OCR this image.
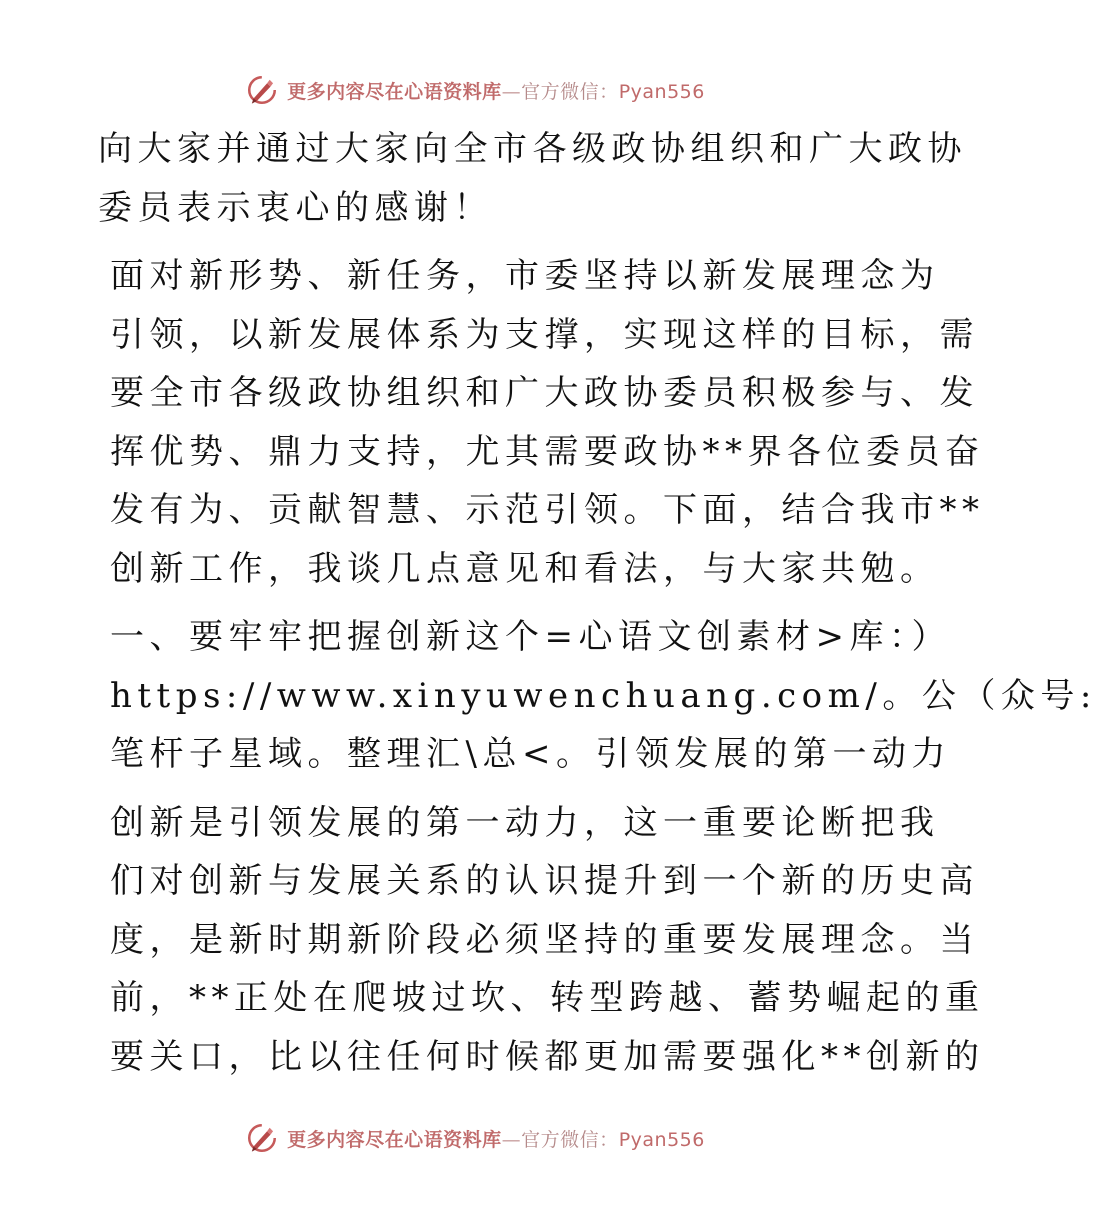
更多内容尽在心语资料库—官方微信：Pyan556

向大家并通过大家向全市各级政协组织和广大政协
委员表示衷心的感谢！

面对新形势、新任务，市委坚持以新发展理念为
引领，以新发展体系为支撑，实现这样的目标，需
要全市各级政协组织和广大政协委员积极参与、发
挥优势、鼎力支持，尤其需要政协**界各位委员奋
发有为、贡献智慧、示范引领。下面，结合我市**
创新工作，我谈几点意见和看法，与大家共勉。

一、要牢牢把握创新这个=心语文创素材>库：）
https://www.xinyuwenchuang.com/。公（众号:
笔杆子星域。整理汇\总<。引领发展的第一动力

创新是引领发展的第一动力，这一重要论断把我
们对创新与发展关系的认识提升到一个新的历史高
度，是新时期新阶段必须坚持的重要发展理念。当
前，**正处在爬坡过坎、转型跨越、蓄势崛起的重
要关口，比以往任何时候都更加需要强化**创新的

更多内容尽在心语资料库—官方微信：Pyan556
